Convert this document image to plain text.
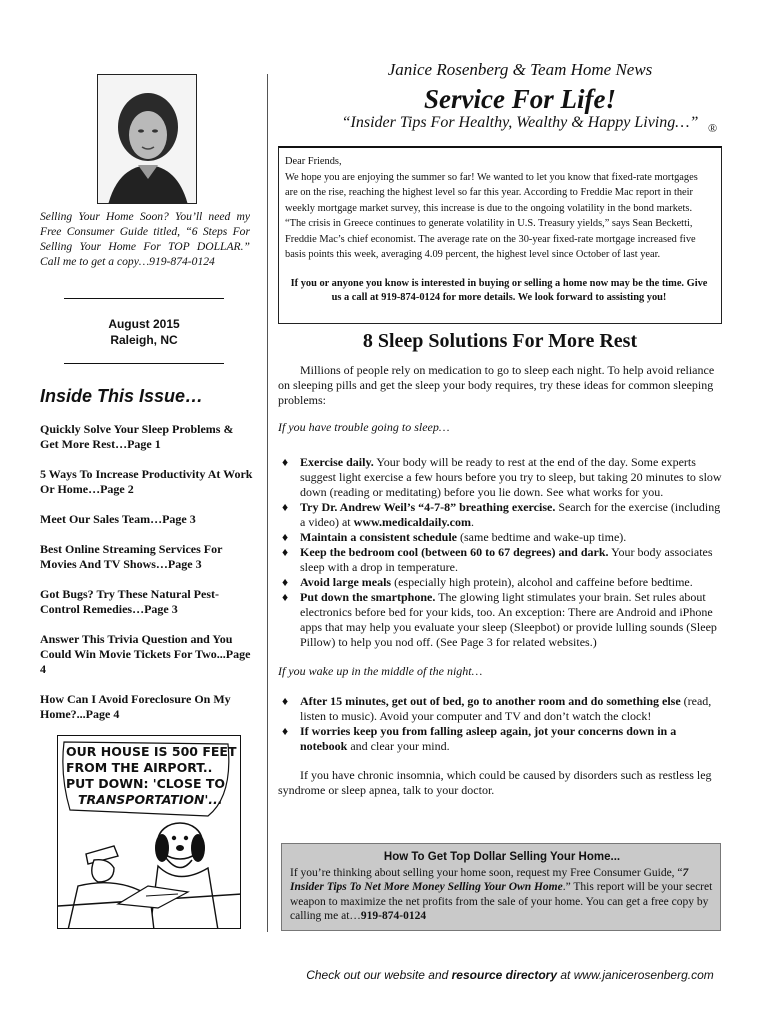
Selling Your Home Soon? You’ll need my Free Consumer Guide titled, “6 Steps For Selling Your Home For TOP DOLLAR.” Call me to get a copy…919-874-0124
August 2015
Raleigh, NC
Inside This Issue…
Quickly Solve Your Sleep Problems & Get More Rest…Page 1
5 Ways To Increase Productivity At Work Or Home…Page 2
Meet Our Sales Team…Page 3
Best Online Streaming Services For Movies And TV Shows…Page 3
Got Bugs? Try These Natural Pest-Control Remedies…Page 3
Answer This Trivia Question and You Could Win Movie Tickets For Two...Page 4
How Can I Avoid Foreclosure On My Home?...Page 4
OUR HOUSE IS 500 FEET
FROM THE AIRPORT..
PUT DOWN: 'CLOSE TO
TRANSPORTATION'...
Janice Rosenberg & Team Home News
Service For Life!
“Insider Tips For Healthy, Wealthy & Happy Living…” ®
Dear Friends,
We hope you are enjoying the summer so far! We wanted to let you know that fixed-rate mortgages are on the rise, reaching the highest level so far this year. According to Freddie Mac report in their weekly mortgage market survey, this increase is due to the ongoing volatility in the bond markets. “The crisis in Greece continues to generate volatility in U.S. Treasury yields,” says Sean Becketti, Freddie Mac’s chief economist. The average rate on the 30-year fixed-rate mortgage increased five basis points this week, averaging 4.09 percent, the highest level since October of last year.
If you or anyone you know is interested in buying or selling a home now may be the time. Give us a call at 919-874-0124 for more details. We look forward to assisting you!
8 Sleep Solutions For More Rest

Millions of people rely on medication to go to sleep each night. To help avoid reliance on sleeping pills and get the sleep your body requires, try these ideas for common sleeping problems:

If you have trouble going to sleep…

♦ Exercise daily. Your body will be ready to rest at the end of the day. Some experts suggest light exercise a few hours before you try to sleep, but taking 20 minutes to slow down (reading or meditating) before you lie down. See what works for you.
♦ Try Dr. Andrew Weil’s “4-7-8” breathing exercise. Search for the exercise (including a video) at www.medicaldaily.com.
♦ Maintain a consistent schedule (same bedtime and wake-up time).
♦ Keep the bedroom cool (between 60 to 67 degrees) and dark. Your body associates sleep with a drop in temperature.
♦ Avoid large meals (especially high protein), alcohol and caffeine before bedtime.
♦ Put down the smartphone. The glowing light stimulates your brain. Set rules about electronics before bed for your kids, too. An exception: There are Android and iPhone apps that may help you evaluate your sleep (Sleepbot) or provide lulling sounds (Sleep Pillow) to help you nod off. (See Page 3 for related websites.)

If you wake up in the middle of the night…

♦ After 15 minutes, get out of bed, go to another room and do something else (read, listen to music). Avoid your computer and TV and don’t watch the clock!
♦ If worries keep you from falling asleep again, jot your concerns down in a notebook and clear your mind.

If you have chronic insomnia, which could be caused by disorders such as restless leg syndrome or sleep apnea, talk to your doctor.

How To Get Top Dollar Selling Your Home...
If you’re thinking about selling your home soon, request my Free Consumer Guide, “7 Insider Tips To Net More Money Selling Your Own Home.” This report will be your secret weapon to maximize the net profits from the sale of your home. You can get a free copy by calling me at…919-874-0124
Check out our website and resource directory at www.janicerosenberg.com
